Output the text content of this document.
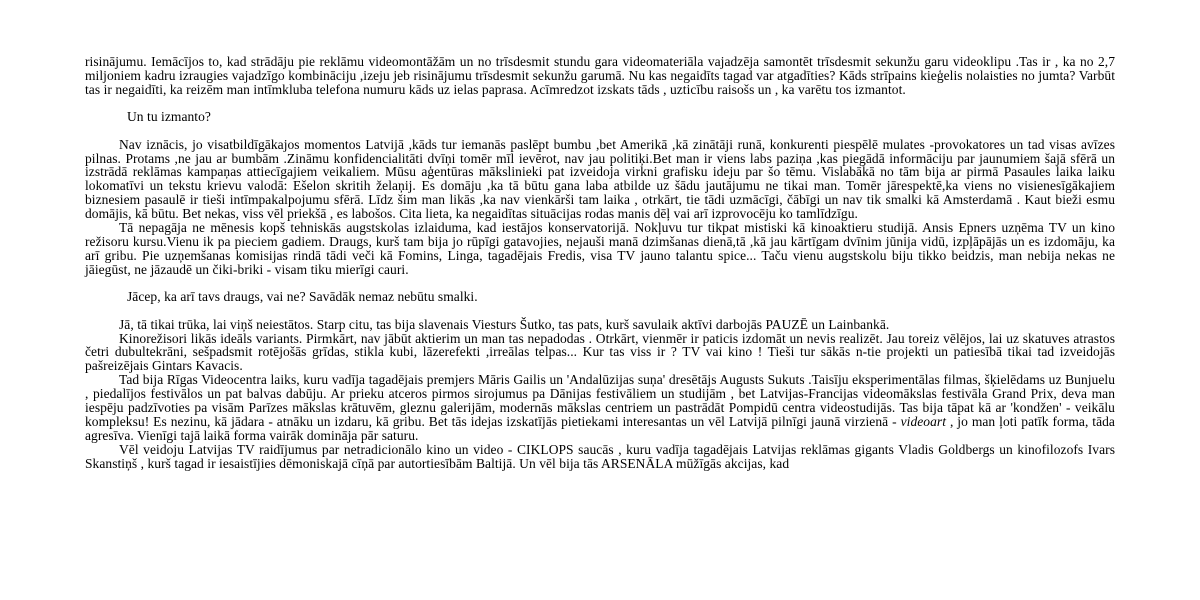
risinājumu. Iemācījos to, kad strādāju pie reklāmu videomontāžām un no trīsdesmit stundu gara videomateriāla vajadzēja samontēt trīsdesmit sekunžu garu videoklipu .Tas ir , ka no 2,7 miljoniem kadru izraugies vajadzīgo kombināciju ,izeju jeb risinājumu trīsdesmit sekunžu garumā. Nu kas negaidīts tagad var atgadīties? Kāds strīpains kieģelis nolaisties no jumta? Varbūt tas ir negaidīti, ka reizēm man intīmkluba telefona numuru kāds uz ielas paprasa. Acīmredzot izskats tāds , uzticību raisošs un , ka varētu tos izmantot.

Un tu izmanto?

Nav iznācis, jo visatbildīgākajos momentos Latvijā ,kāds tur iemanās paslēpt bumbu ,bet Amerikā ,kā zinātāji runā, konkurenti piespēlē mulates -provokatores un tad visas avīzes pilnas. Protams ,ne jau ar bumbām .Zināmu konfidencialitāti dvīņi tomēr mīl ievērot, nav jau politiķi.Bet man ir viens labs paziņa ,kas piegādā informāciju par jaunumiem šajā sfērā un izstrādā reklāmas kampaņas attiecīgajiem veikaliem. Mūsu aģentūras mākslinieki pat izveidoja virkni grafisku ideju par šo tēmu. Vislabākā no tām bija ar pirmā Pasaules laika laiku lokomatīvi un tekstu krievu valodā: Ešelon skritih želaņij. Es domāju ,ka tā būtu gana laba atbilde uz šādu jautājumu ne tikai man. Tomēr jārespektē,ka viens no visienesīgākajiem biznesiem pasaulē ir tieši intīmpakalpojumu sfērā. Līdz šim man likās ,ka nav vienkārši tam laika , otrkārt, tie tādi uzmācīgi, čābīgi un nav tik smalki kā Amsterdamā . Kaut bieži esmu domājis, kā būtu. Bet nekas, viss vēl priekšā , es labošos. Cita lieta, ka negaidītas situācijas rodas manis dēļ vai arī izprovocēju ko tamlīdzīgu.

Tā nepagāja ne mēnesis kopš tehniskās augstskolas izlaiduma, kad iestājos konservatorijā. Nokļuvu tur tikpat mistiski kā kinoaktieru studijā. Ansis Epners uzņēma TV un kino režisoru kursu.Vienu ik pa pieciem gadiem. Draugs, kurš tam bija jo rūpīgi gatavojies, nejauši manā dzimšanas dienā,tā ,kā jau kārtīgam dvīnim jūnija vidū, izpļāpājās un es izdomāju, ka arī gribu. Pie uzņemšanas komisijas rindā tādi veči kā Fomins, Linga, tagadējais Fredis, visa TV jauno talantu spice... Taču vienu augstskolu biju tikko beidzis, man nebija nekas ne jāiegūst, ne jāzaudē un čiki-briki - visam tiku mierīgi cauri.

Jāceр, ka arī tavs draugs, vai ne? Savādāk nemaz nebūtu smalki.

Jā, tā tikai trūka, lai viņš neiestātos. Starp citu, tas bija slavenais Viesturs Šutko, tas pats, kurš savulaik aktīvi darbojās PAUZĒ un Lainbankā.

Kinorežisori likās ideāls variants. Pirmkārt, nav jābūt aktierim un man tas nepadodas . Otrkārt, vienmēr ir paticis izdomāt un nevis realizēt. Jau toreiz vēlējos, lai uz skatuves atrastos četri dubultekrāni, sešpadsmit rotējošās grīdas, stikla kubi, lāzerefekti ,irreālas telpas... Kur tas viss ir ? TV vai kino ! Tieši tur sākās n-tie projekti un patiesībā tikai tad izveidojās pašreizējais Gintars Kavacis.

Tad bija Rīgas Videocentra laiks, kuru vadīja tagadējais premjers Māris Gailis un 'Andalūzijas suņa' dresētājs Augusts Sukuts .Taisīju eksperimentālas filmas, šķielēdams uz Bunjuelu , piedalījos festivālos un pat balvas dabūju. Ar prieku atceros pirmos sirojumus pa Dānijas festivāliem un studijām , bet Latvijas-Francijas videomākslas festivāla Grand Prix, deva man iespēju padzīvoties pa visām Parīzes mākslas krātuvēm, gleznu galerijām, modernās mākslas centriem un pastrādāt Pompidū centra videostudijās. Tas bija tāpat kā ar 'kondžen' - veikālu kompleksu! Es nezinu, kā jādara - atnāku un izdaru, kā gribu. Bet tās idejas izskatījās pietiekami interesantas un vēl Latvijā pilnīgi jaunā virzienā - videoart , jo man ļoti patīk forma, tāda agresīva. Vienīgi tajā laikā forma vairāk domināja pār saturu.

Vēl veidoju Latvijas TV raidījumus par netradicionālo kino un video - CIKLOPS saucās , kuru vadīja tagadējais Latvijas reklāmas gigants Vladis Goldbergs un kinofilozofs Ivars Skanstiņš , kurš tagad ir iesaistījies dēmoniskajā cīņā par autortiesībām Baltijā. Un vēl bija tās ARSENĀLA mūžīgās akcijas, kad
